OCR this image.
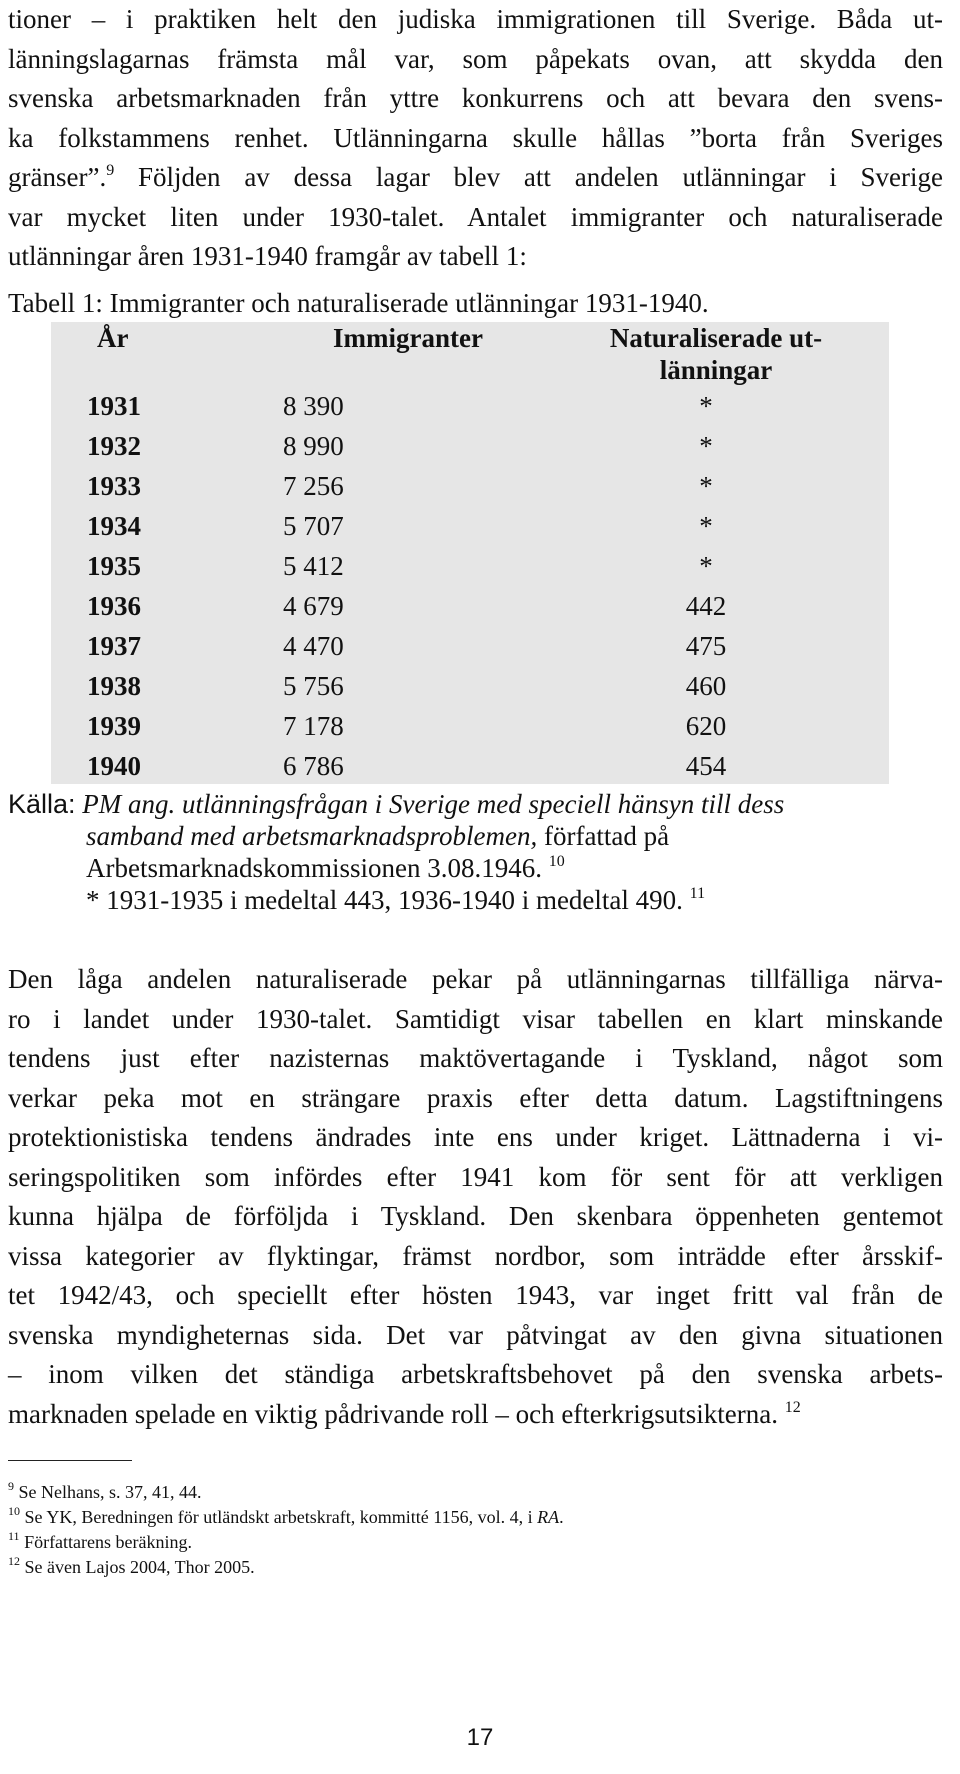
tioner – i praktiken helt den judiska immigrationen till Sverige. Båda ut-
länningslagarnas främsta mål var, som påpekats ovan, att skydda den
svenska arbetsmarknaden från yttre konkurrens och att bevara den svens-
ka folkstammens renhet. Utlänningarna skulle hållas ”borta från Sveriges
gränser”.$^9$ Följden av dessa lagar blev att andelen utlänningar i Sverige
var mycket liten under 1930-talet. Antalet immigranter och naturaliserade
utlänningar åren 1931-1940 framgår av tabell 1:
Tabell 1: Immigranter och naturaliserade utlänningar 1931-1940.
År	Immigranter	Naturaliserade ut-
länningar
1931	8 390	*
1932	8 990	*
1933	7 256	*
1934	5 707	*
1935	5 412	*
1936	4 679	442
1937	4 470	475
1938	5 756	460
1939	7 178	620
1940	6 786	454
Källa: PM ang. utlänningsfrågan i Sverige med speciell hänsyn till dess
samband med arbetsmarknadsproblemen, författad på
Arbetsmarknadskommissionen 3.08.1946. $^{10}$
* 1931-1935 i medeltal 443, 1936-1940 i medeltal 490. $^{11}$
Den låga andelen naturaliserade pekar på utlänningarnas tillfälliga närva-
ro i landet under 1930-talet. Samtidigt visar tabellen en klart minskande
tendens just efter nazisternas maktövertagande i Tyskland, något som
verkar peka mot en strängare praxis efter detta datum. Lagstiftningens
protektionistiska tendens ändrades inte ens under kriget. Lättnaderna i vi-
seringspolitiken som infördes efter 1941 kom för sent för att verkligen
kunna hjälpa de förföljda i Tyskland. Den skenbara öppenheten gentemot
vissa kategorier av flyktingar, främst nordbor, som inträdde efter årsskif-
tet 1942/43, och speciellt efter hösten 1943, var inget fritt val från de
svenska myndigheternas sida. Det var påtvingat av den givna situationen
– inom vilken det ständiga arbetskraftsbehovet på den svenska arbets-
marknaden spelade en viktig pådrivande roll – och efterkrigsutsikterna. $^{12}$
$^9$ Se Nelhans, s. 37, 41, 44.
$^{10}$ Se YK, Beredningen för utländskt arbetskraft, kommitté 1156, vol. 4, i RA.
$^{11}$ Författarens beräkning.
$^{12}$ Se även Lajos 2004, Thor 2005.
17
